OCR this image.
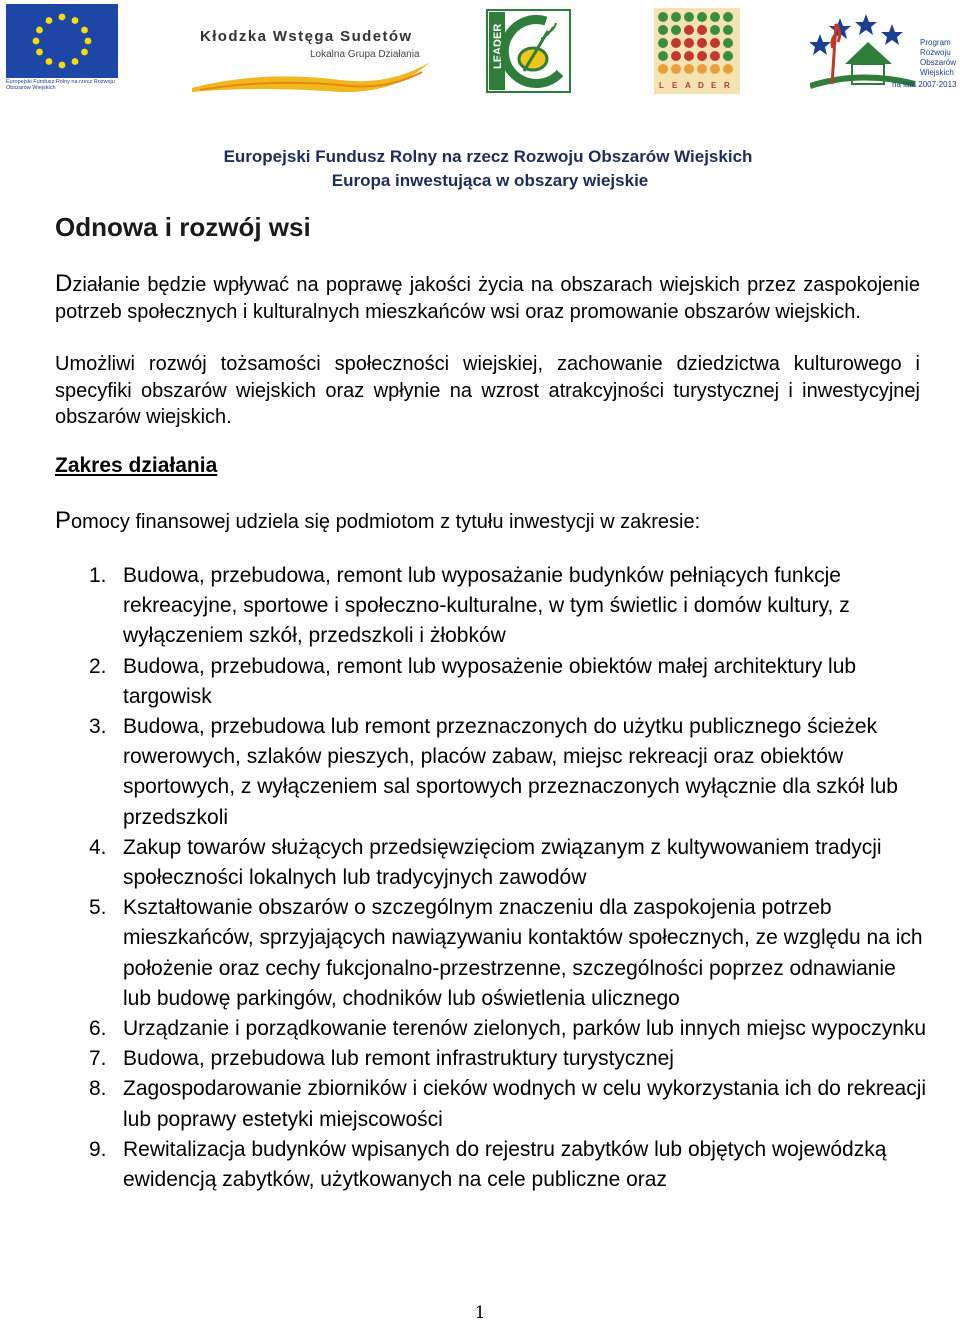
Europejski Fundusz Rolny na rzecz Rozwoju Obszarów Wiejskich
Kłodzka Wstęga Sudetów
Lokalna Grupa Działania	LEADER
L E A D E R
Program
Rozwoju
Obszarów
Wiejskich
na lata 2007-2013
Europejski Fundusz Rolny na rzecz Rozwoju Obszarów Wiejskich
Europa inwestująca w obszary wiejskie
Odnowa i rozwój wsi

Działanie będzie wpływać na poprawę jakości życia na obszarach wiejskich przez zaspokojenie potrzeb społecznych i kulturalnych mieszkańców wsi oraz promowanie obszarów wiejskich.

Umożliwi rozwój tożsamości społeczności wiejskiej, zachowanie dziedzictwa kulturowego i specyfiki obszarów wiejskich oraz wpłynie na wzrost atrakcyjności turystycznej i inwestycyjnej obszarów wiejskich.

Zakres działania

Pomocy finansowej udziela się podmiotom z tytułu inwestycji w zakresie:

1. Budowa, przebudowa, remont lub wyposażanie budynków pełniących funkcje rekreacyjne, sportowe i społeczno-kulturalne, w tym świetlic i domów kultury, z wyłączeniem szkół, przedszkoli i żłobków
2. Budowa, przebudowa, remont lub wyposażenie obiektów małej architektury lub targowisk
3. Budowa, przebudowa lub remont przeznaczonych do użytku publicznego ścieżek rowerowych, szlaków pieszych, placów zabaw, miejsc rekreacji oraz obiektów sportowych, z wyłączeniem sal sportowych przeznaczonych wyłącznie dla szkół lub przedszkoli
4. Zakup towarów służących przedsięwzięciom związanym z kultywowaniem tradycji społeczności lokalnych lub tradycyjnych zawodów
5. Kształtowanie obszarów o szczególnym znaczeniu dla zaspokojenia potrzeb mieszkańców, sprzyjających nawiązywaniu kontaktów społecznych, ze względu na ich położenie oraz cechy fukcjonalno-przestrzenne, szczególności poprzez odnawianie lub budowę parkingów, chodników lub oświetlenia ulicznego
6. Urządzanie i porządkowanie terenów zielonych, parków lub innych miejsc wypoczynku
7. Budowa, przebudowa lub remont infrastruktury turystycznej
8. Zagospodarowanie zbiorników i cieków wodnych w celu wykorzystania ich do rekreacji lub poprawy estetyki miejscowości
9. Rewitalizacja budynków wpisanych do rejestru zabytków lub objętych wojewódzką ewidencją zabytków, użytkowanych na cele publiczne oraz
1
